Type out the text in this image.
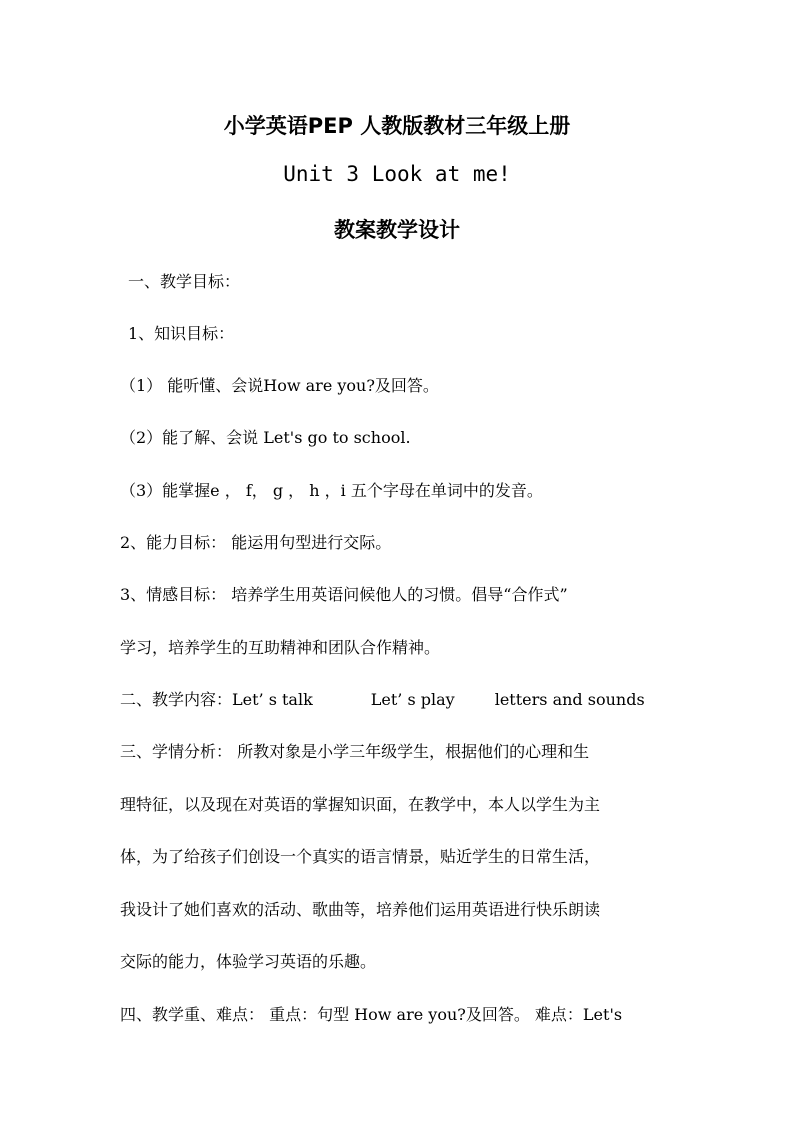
小学英语PEP 人教版教材三年级上册
Unit 3 Look at me!
教案教学设计
一、教学目标：
1、知识目标：
（1） 能听懂、会说How are you?及回答。
（2）能了解、会说 Let's go to school.
（3）能掌握e ， f， g ， h ，i 五个字母在单词中的发音。
2、能力目标： 能运用句型进行交际。
3、情感目标： 培养学生用英语问候他人的习惯。倡导“合作式”
学习，培养学生的互助精神和团队合作精神。
二、教学内容：Let’ s talk	Let’ s play	letters and sounds
三、学情分析： 所教对象是小学三年级学生，根据他们的心理和生
理特征，以及现在对英语的掌握知识面，在教学中，本人以学生为主
体，为了给孩子们创设一个真实的语言情景，贴近学生的日常生活，
我设计了她们喜欢的活动、歌曲等，培养他们运用英语进行快乐朗读
交际的能力，体验学习英语的乐趣。
四、教学重、难点： 重点：句型 How are you?及回答。 难点：Let's
